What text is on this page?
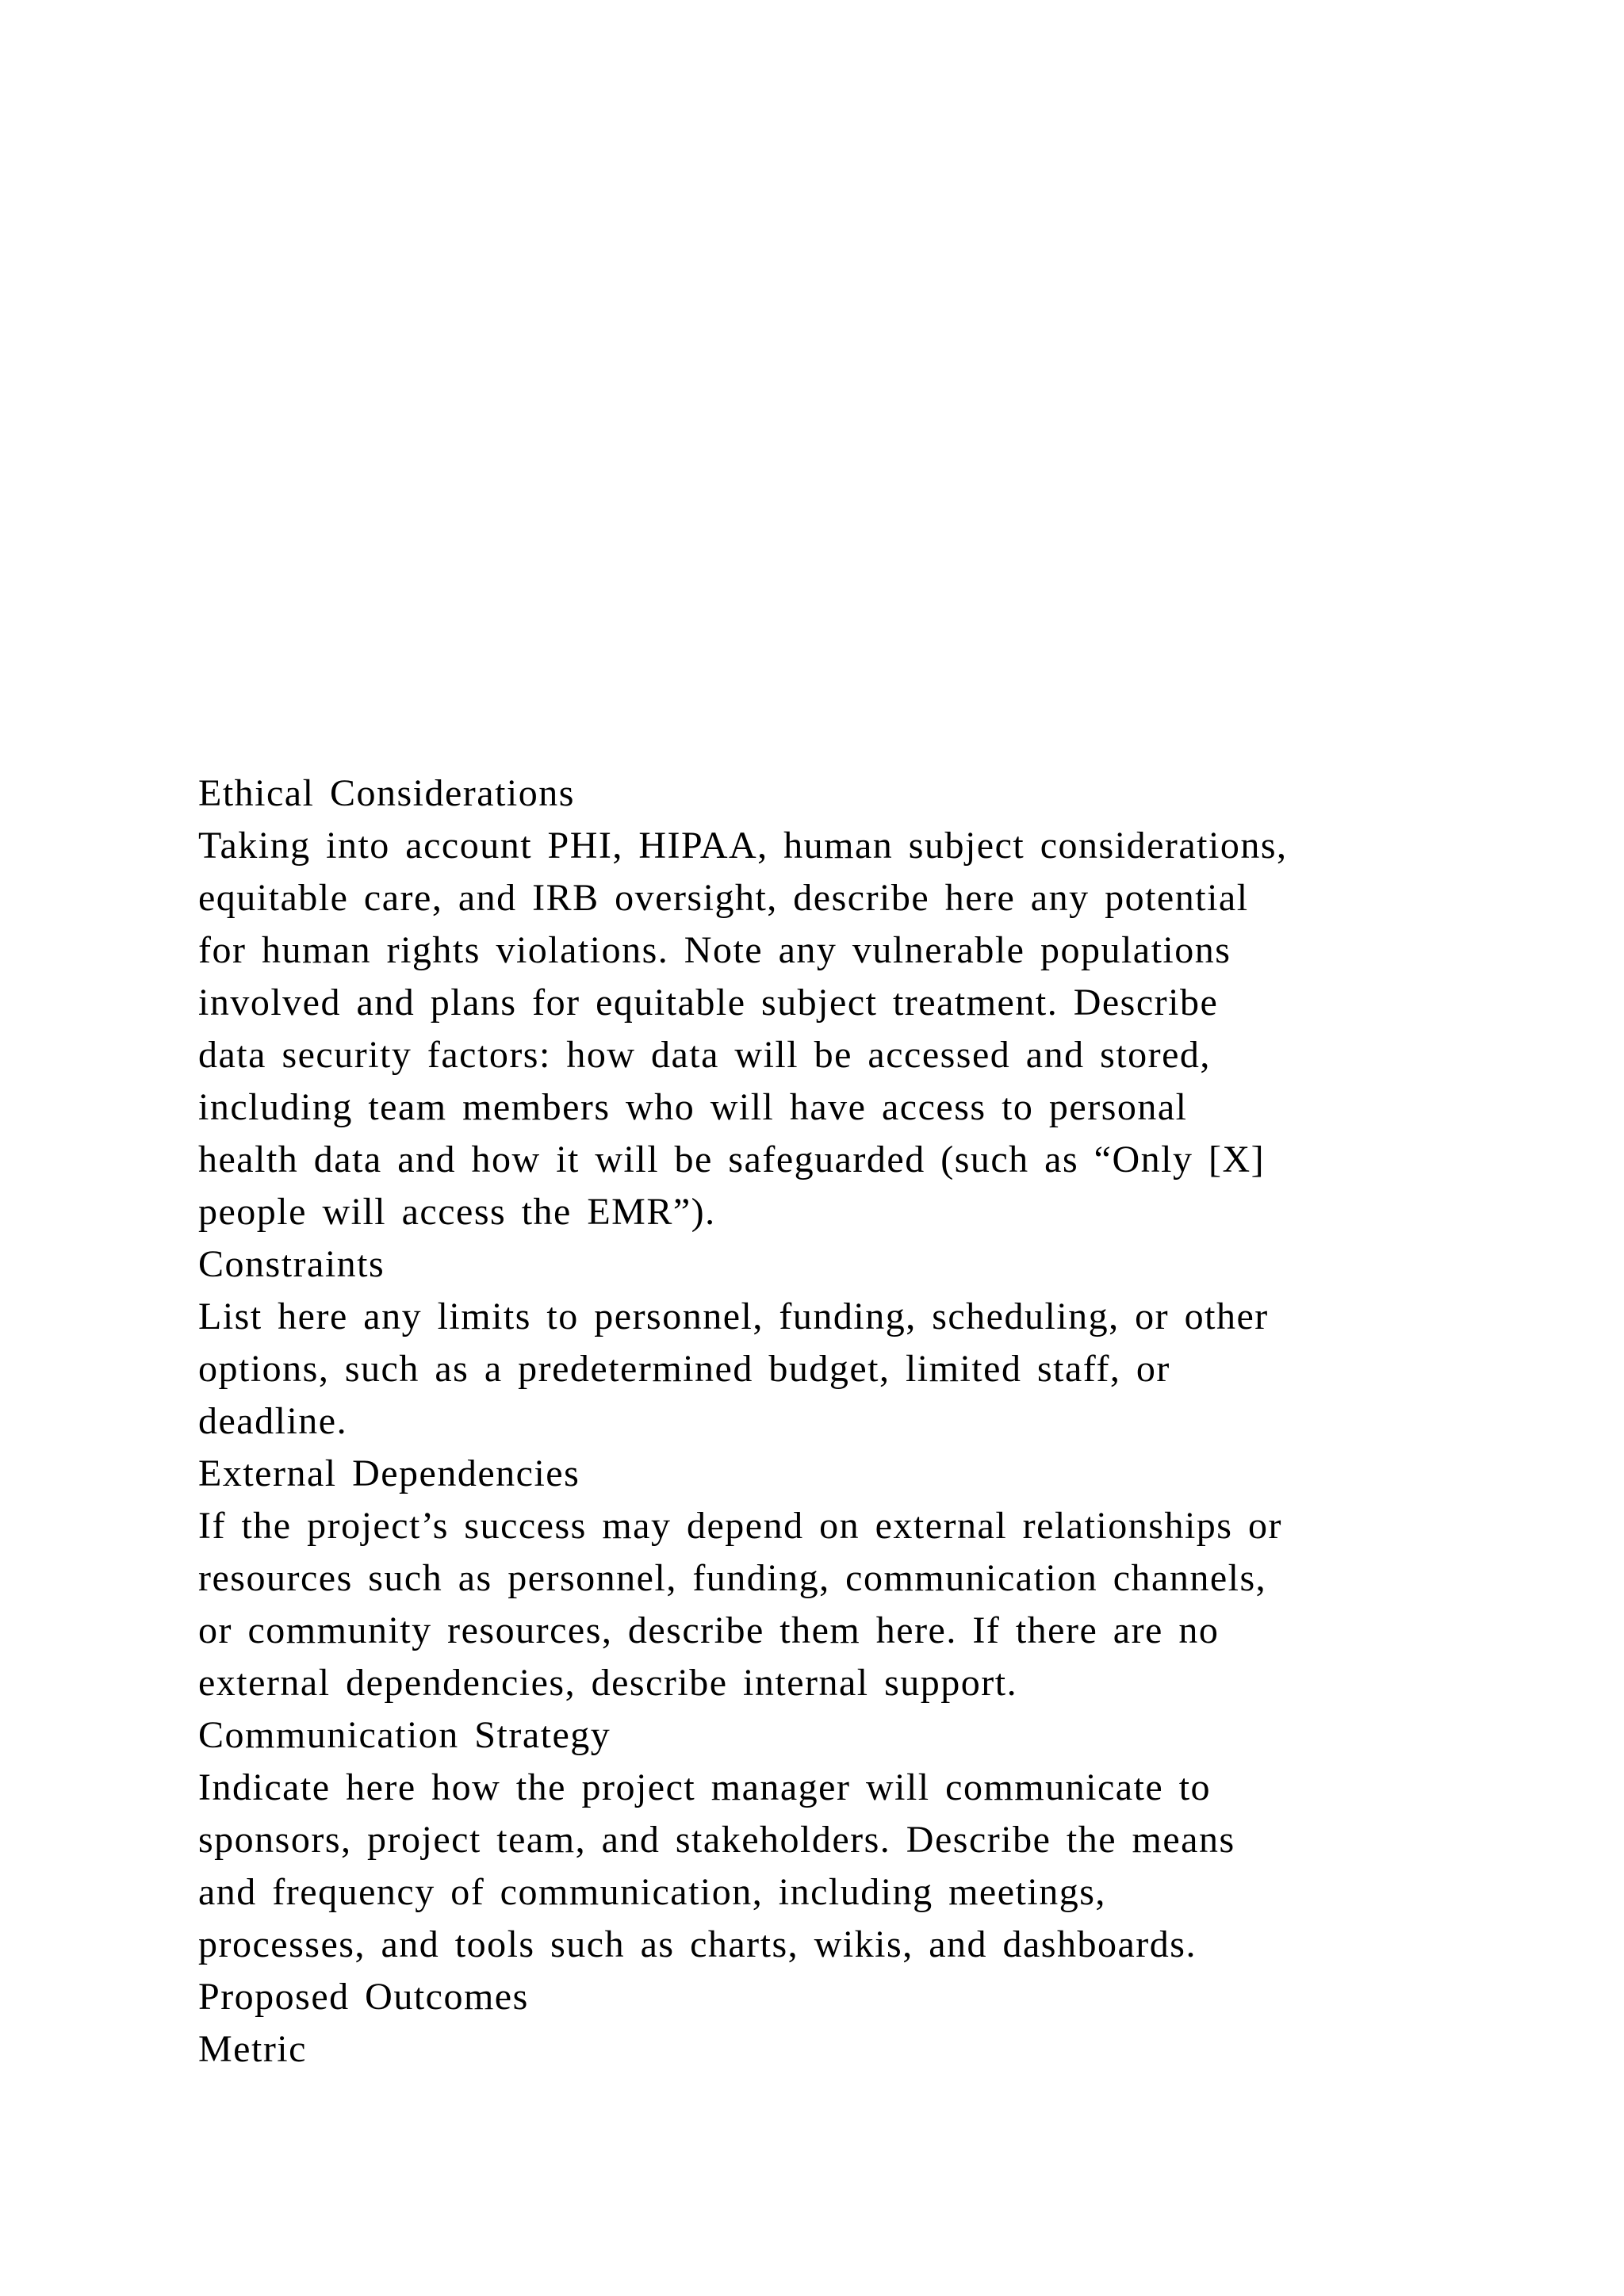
Ethical Considerations
Taking into account PHI, HIPAA, human subject considerations,
equitable care, and IRB oversight, describe here any potential
for human rights violations. Note any vulnerable populations
involved and plans for equitable subject treatment. Describe
data security factors: how data will be accessed and stored,
including team members who will have access to personal
health data and how it will be safeguarded (such as “Only [X]
people will access the EMR”).
Constraints
List here any limits to personnel, funding, scheduling, or other
options, such as a predetermined budget, limited staff, or
deadline.
External Dependencies
If the project’s success may depend on external relationships or
resources such as personnel, funding, communication channels,
or community resources, describe them here. If there are no
external dependencies, describe internal support.
Communication Strategy
Indicate here how the project manager will communicate to
sponsors, project team, and stakeholders. Describe the means
and frequency of communication, including meetings,
processes, and tools such as charts, wikis, and dashboards.
Proposed Outcomes
Metric
